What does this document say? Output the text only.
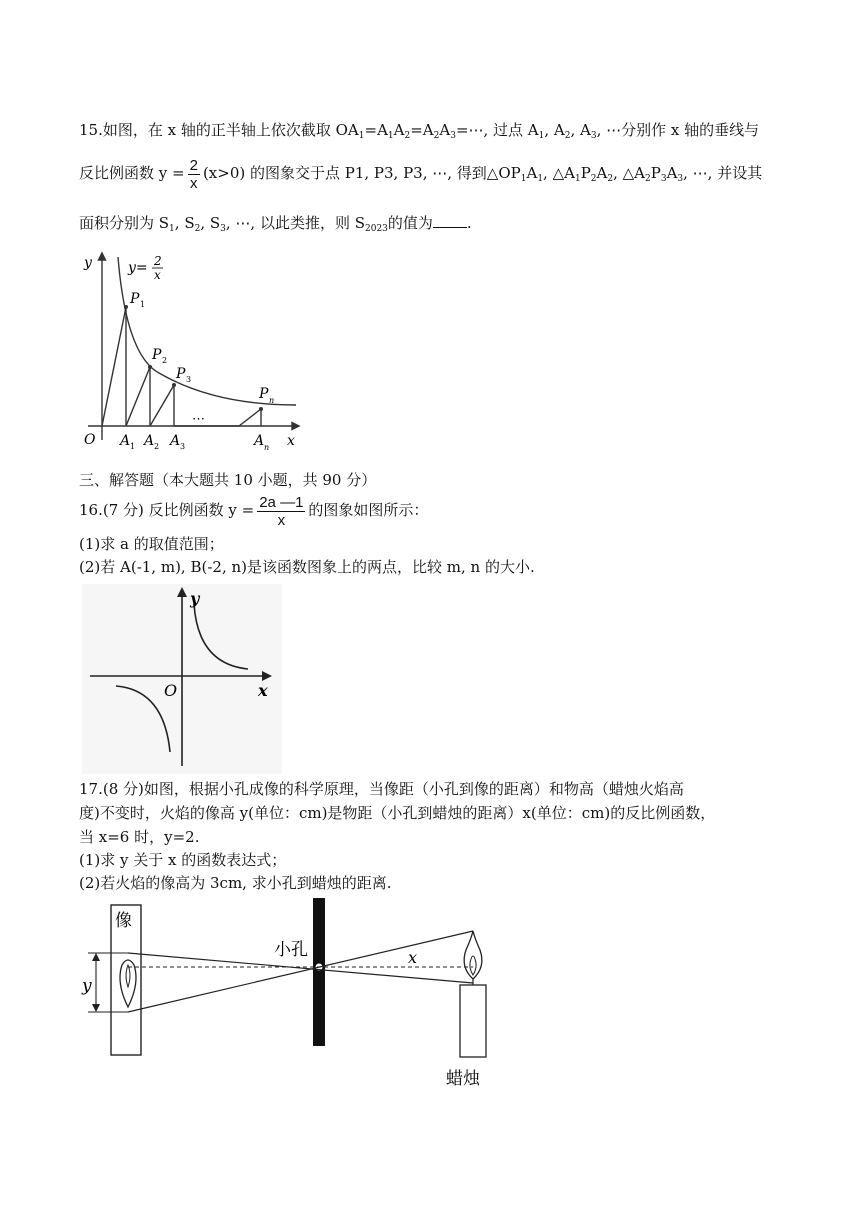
15.如图，在 x 轴的正半轴上依次截取 $OA_1=A_1A_2=A_2A_3=\cdots$, 过点 $A_1$, $A_2$, $A_3$, ⋯分别作 x 轴的垂线与
反比例函数 $y = \frac{2}{x} (x>0)$ 的图象交于点 P1, P3, P3, ⋯, 得到$\triangle OP_1A_1$, $\triangle A_1P_2A_2$, $\triangle A_2P_3A_3$, ⋯, 并设其
面积分别为 $S_1$, $S_2$, $S_3$, ⋯, 以此类推，则 $S_{2023}$的值为 .
y
x
O
y= 2
x
P 1
P 2
P 3
P n
A 1 A 2 A 3	A n
⋯
三、解答题（本大题共 10 小题，共 90 分）
16.(7 分) 反比例函数 $y = \frac{2a —1}{x}$ 的图象如图所示：
(1)求 a 的取值范围；
(2)若 A(-1, m), B(-2, n)是该函数图象上的两点，比较 m, n 的大小.
y
x
O
17.(8 分)如图，根据小孔成像的科学原理，当像距（小孔到像的距离）和物高（蜡烛火焰高
度)不变时，火焰的像高 y(单位：cm)是物距（小孔到蜡烛的距离）x(单位：cm)的反比例函数，
当 x=6 时，y=2.
(1)求 y 关于 x 的函数表达式；
(2)若火焰的像高为 3cm, 求小孔到蜡烛的距离.
像
小孔
y
x
蜡烛
